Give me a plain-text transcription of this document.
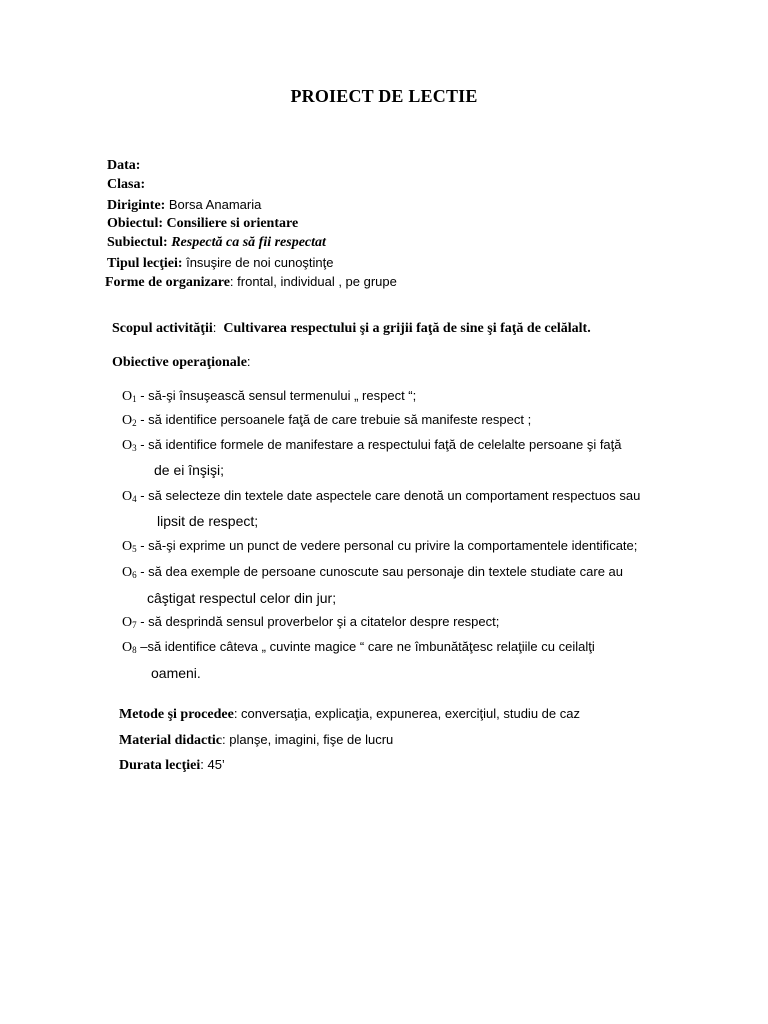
PROIECT DE LECTIE
Data:
Clasa:
Diriginte: Borsa Anamaria
Obiectul: Consiliere si orientare
Subiectul: Respectă ca să fii respectat
Tipul lecţiei: însuşire de noi cunoştinţe
Forme de organizare: frontal, individual , pe grupe
Scopul activităţii: Cultivarea respectului şi a grijii faţă de sine şi faţă de celălalt.
Obiective operaţionale:
$O_1$ - să-şi însuşească sensul termenului „ respect “;
$O_2$ - să identifice persoanele faţă de care trebuie să manifeste respect ;
$O_3$ - să identifice formele de manifestare a respectului faţă de celelalte persoane şi faţă
de ei înşişi;
$O_4$ - să selecteze din textele date aspectele care denotă un comportament respectuos sau
lipsit de respect;
$O_5$ - să-şi exprime un punct de vedere personal cu privire la comportamentele identificate;
$O_6$ - să dea exemple de persoane cunoscute sau personaje din textele studiate care au
câştigat respectul celor din jur;
$O_7$ - să desprindă sensul proverbelor şi a citatelor despre respect;
$O_8$ –să identifice câteva „ cuvinte magice “ care ne îmbunătăţesc relaţiile cu ceilalţi
oameni.
Metode şi procedee: conversaţia, explicaţia, expunerea, exerciţiul, studiu de caz
Material didactic: planşe, imagini, fişe de lucru
Durata lecţiei: 45’
